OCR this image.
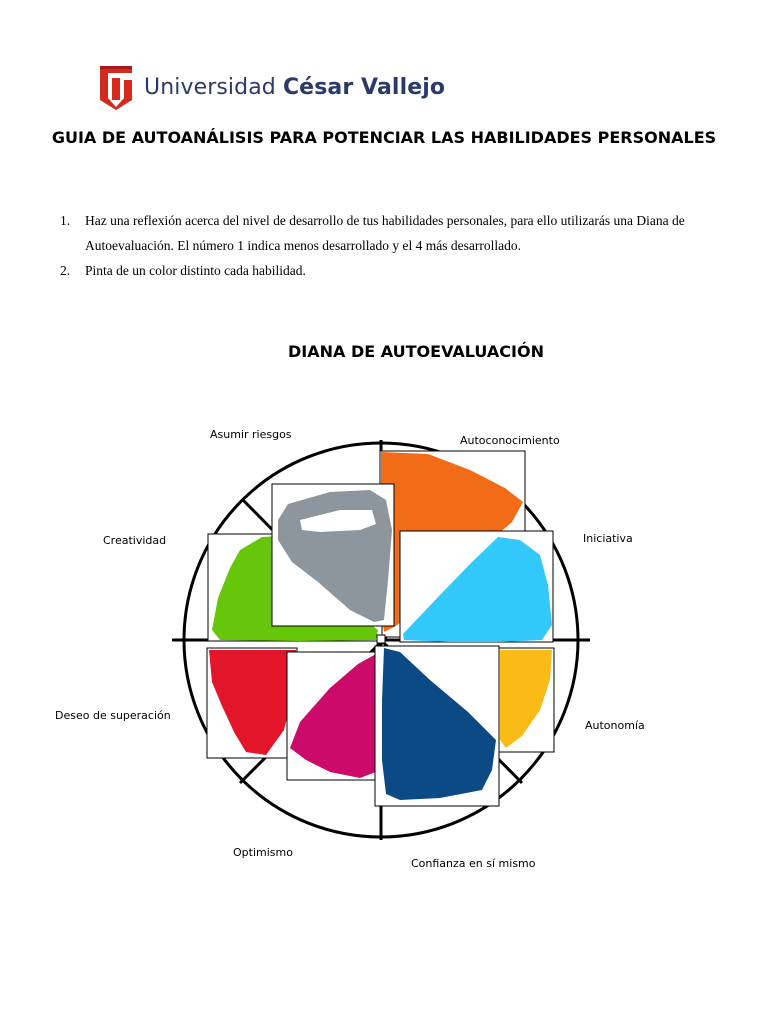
Universidad César Vallejo
GUIA DE AUTOANÁLISIS PARA POTENCIAR LAS HABILIDADES PERSONALES
1. Haz una reflexión acerca del nivel de desarrollo de tus habilidades personales, para ello utilizarás una Diana de Autoevaluación. El número 1 indica menos desarrollado y el 4 más desarrollado.
2. Pinta de un color distinto cada habilidad.
DIANA DE AUTOEVALUACIÓN
Asumir riesgos	Autoconocimiento
Creatividad	Iniciativa
Deseo de superación
Autonomía
Optimismo
Confianza en sí mismo
